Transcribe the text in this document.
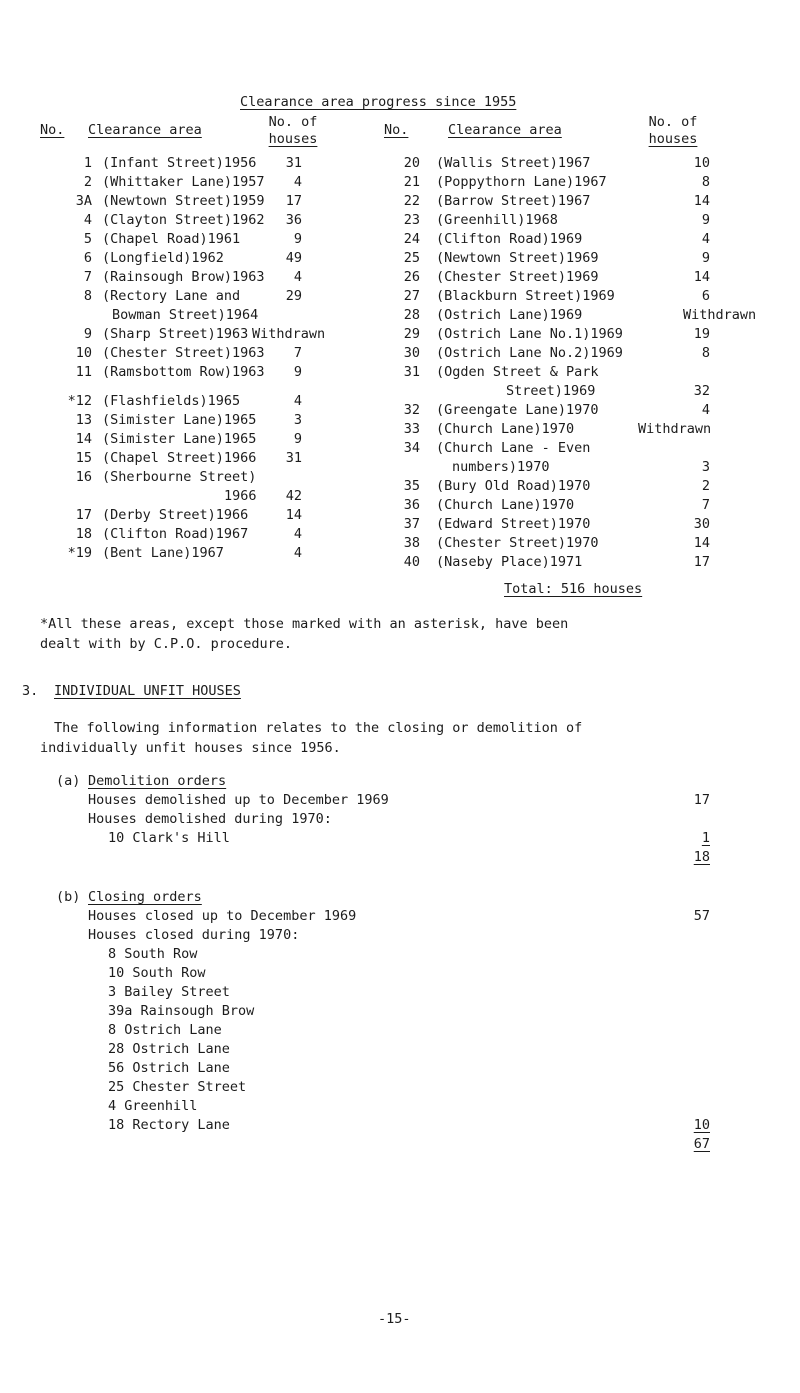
Clearance area progress since 1955
No. Clearance area	No. of
houses
No.	Clearance area	No. of
houses
1 (Infant Street)1956	31
2 (Whittaker Lane)1957	4
3A (Newtown Street)1959	17
4 (Clayton Street)1962	36
5 (Chapel Road)1961	9
6 (Longfield)1962	49
7 (Rainsough Brow)1963	4
8 (Rectory Lane and	29
Bowman Street)1964
9 (Sharp Street)1963 Withdrawn
10 (Chester Street)1963	7
11 (Ramsbottom Row)1963	9
*12 (Flashfields)1965	4
13 (Simister Lane)1965	3
14 (Simister Lane)1965	9
15 (Chapel Street)1966	31
16 (Sherbourne Street)
1966	42
17 (Derby Street)1966	14
18 (Clifton Road)1967	4
*19 (Bent Lane)1967	4
20 (Wallis Street)1967	10
21 (Poppythorn Lane)1967	8
22 (Barrow Street)1967	14
23 (Greenhill)1968	9
24 (Clifton Road)1969	4
25 (Newtown Street)1969	9
26 (Chester Street)1969	14
27 (Blackburn Street)1969	6
28 (Ostrich Lane)1969	Withdrawn
29 (Ostrich Lane No.1)1969	19
30 (Ostrich Lane No.2)1969	8
31 (Ogden Street & Park
Street)1969	32
32 (Greengate Lane)1970	4
33 (Church Lane)1970	Withdrawn
34 (Church Lane - Even
numbers)1970	3
35 (Bury Old Road)1970	2
36 (Church Lane)1970	7
37 (Edward Street)1970	30
38 (Chester Street)1970	14
40 (Naseby Place)1971	17
Total: 516 houses
*All these areas, except those marked with an asterisk, have been
dealt with by C.P.O. procedure.
3. INDIVIDUAL UNFIT HOUSES
The following information relates to the closing or demolition of
individually unfit houses since 1956.
(a) Demolition orders
Houses demolished up to December 1969	17
Houses demolished during 1970:
10 Clark's Hill	1
18
(b) Closing orders
Houses closed up to December 1969	57
Houses closed during 1970:
8 South Row
10 South Row
3 Bailey Street
39a Rainsough Brow
8 Ostrich Lane
28 Ostrich Lane
56 Ostrich Lane
25 Chester Street
4 Greenhill
18 Rectory Lane	10
67
-15-
